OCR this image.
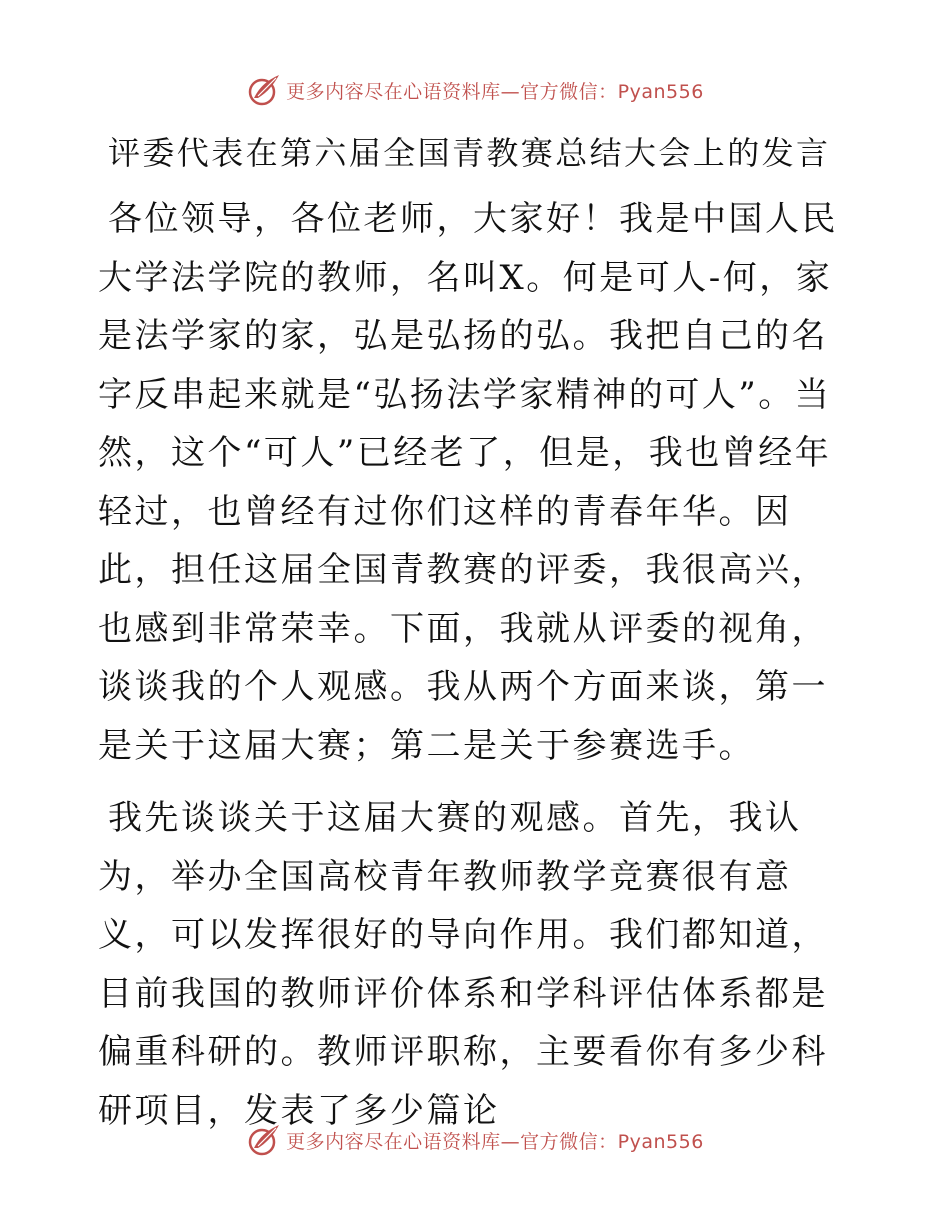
更多内容尽在心语资料库—官方微信：Pyan556
评委代表在第六届全国青教赛总结大会上的发言

各位领导，各位老师，大家好！我是中国人民大学法学院的教师，名叫X。何是可人-何，家是法学家的家，弘是弘扬的弘。我把自己的名字反串起来就是“弘扬法学家精神的可人”。当然，这个“可人”已经老了，但是，我也曾经年轻过，也曾经有过你们这样的青春年华。因此，担任这届全国青教赛的评委，我很高兴，也感到非常荣幸。下面，我就从评委的视角，谈谈我的个人观感。我从两个方面来谈，第一是关于这届大赛；第二是关于参赛选手。

我先谈谈关于这届大赛的观感。首先，我认为，举办全国高校青年教师教学竞赛很有意义，可以发挥很好的导向作用。我们都知道，目前我国的教师评价体系和学科评估体系都是偏重科研的。教师评职称，主要看你有多少科研项目，发表了多少篇论

更多内容尽在心语资料库—官方微信：Pyan556
